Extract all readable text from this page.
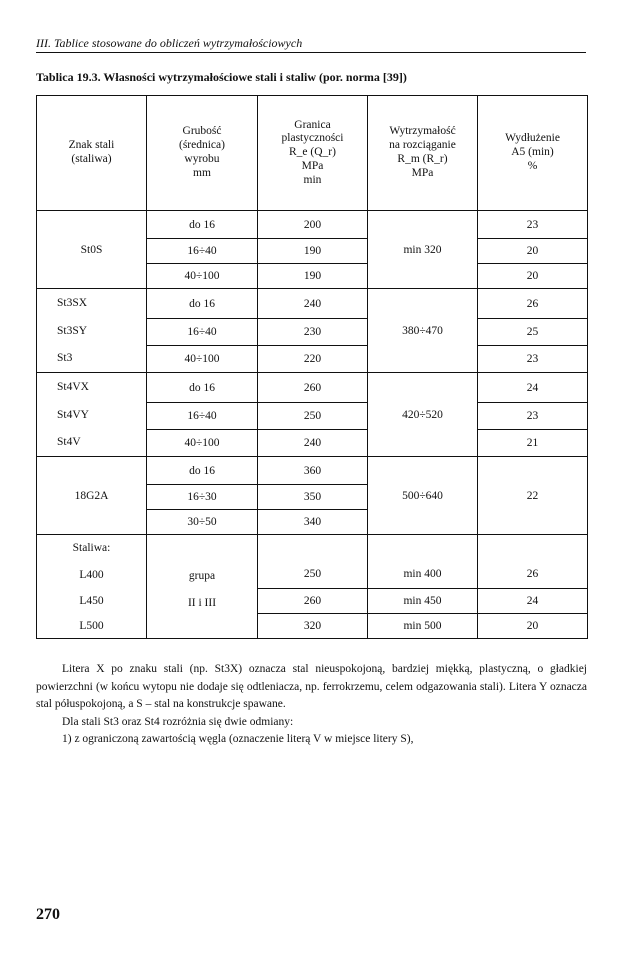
III. Tablice stosowane do obliczeń wytrzymałościowych
Tablica 19.3. Własności wytrzymałościowe stali i staliw (por. norma [39])
Znak stali
(staliwa)	Grubość
(średnica)
wyrobu
mm	Granica
plastyczności
R_e (Q_r)
MPa
min	Wytrzymałość
na rozciąganie
R_m (R_r)
MPa	Wydłużenie
A5 (min)
%
St0S	do 16	200	min 320	23
	16÷40	190		20
	40÷100	190		20

St3SX
St3SY
St3	do 16	240	380÷470	26
	16÷40	230		25
	40÷100	220		23

St4VX
St4VY
St4V	do 16	260	420÷520	24
	16÷40	250		23
	40÷100	240		21
18G2A	do 16	360	500÷640	22
	16÷30	350		
	30÷50	340		
Staliwa:	grupa
II i III			

L400		250	min 400	26
L450		260	min 450	24
L500		320	min 500	20

Litera X po znaku stali (np. St3X) oznacza stal nieuspokojoną, bardziej miękką, plastyczną, o gładkiej powierzchni (w końcu wytopu nie dodaje się odtleniacza, np. ferrokrzemu, celem odgazowania stali). Litera Y oznacza stal półuspokojoną, a S – stal na konstrukcje spawane.

Dla stali St3 oraz St4 rozróżnia się dwie odmiany:

1) z ograniczoną zawartością węgla (oznaczenie literą V w miejsce litery S),

270
